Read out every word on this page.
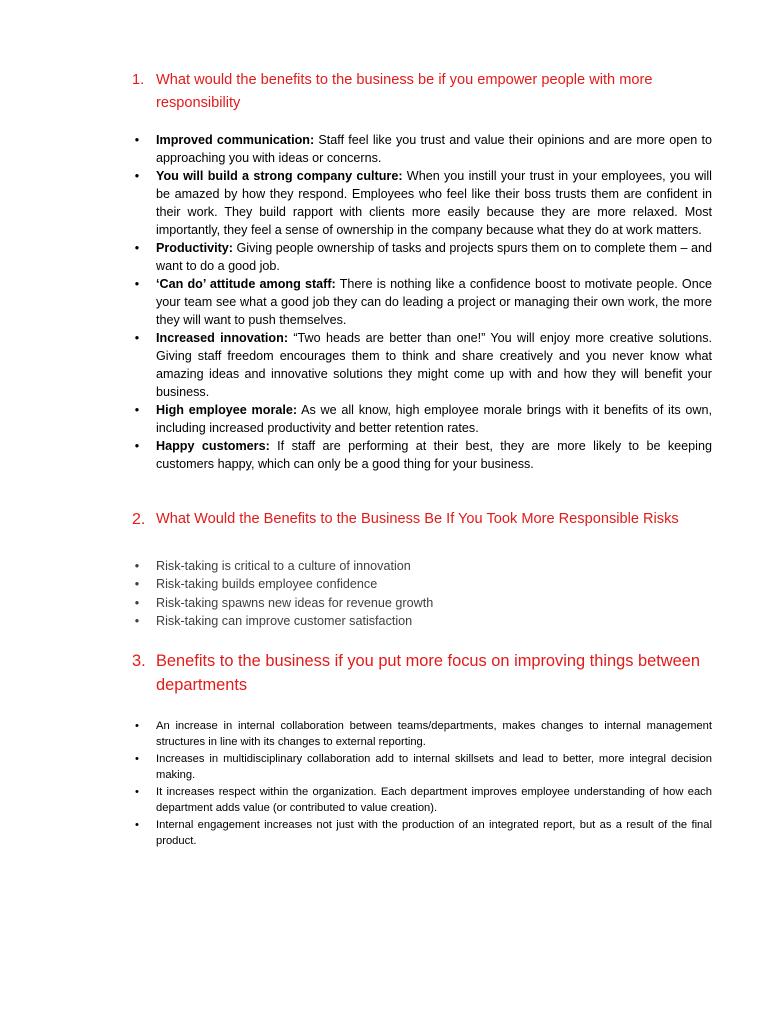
1. What would the benefits to the business be if you empower people with more responsibility
• Improved communication: Staff feel like you trust and value their opinions and are more open to approaching you with ideas or concerns.
• You will build a strong company culture: When you instill your trust in your employees, you will be amazed by how they respond. Employees who feel like their boss trusts them are confident in their work. They build rapport with clients more easily because they are more relaxed. Most importantly, they feel a sense of ownership in the company because what they do at work matters.
• Productivity: Giving people ownership of tasks and projects spurs them on to complete them – and want to do a good job.
• ‘Can do’ attitude among staff: There is nothing like a confidence boost to motivate people. Once your team see what a good job they can do leading a project or managing their own work, the more they will want to push themselves.
• Increased innovation: “Two heads are better than one!” You will enjoy more creative solutions. Giving staff freedom encourages them to think and share creatively and you never know what amazing ideas and innovative solutions they might come up with and how they will benefit your business.
• High employee morale: As we all know, high employee morale brings with it benefits of its own, including increased productivity and better retention rates.
• Happy customers: If staff are performing at their best, they are more likely to be keeping customers happy, which can only be a good thing for your business.
2. What Would the Benefits to the Business Be If You Took More Responsible Risks
• Risk-taking is critical to a culture of innovation
• Risk-taking builds employee confidence
• Risk-taking spawns new ideas for revenue growth
• Risk-taking can improve customer satisfaction
3. Benefits to the business if you put more focus on improving things between departments
• An increase in internal collaboration between teams/departments, makes changes to internal management structures in line with its changes to external reporting.
• Increases in multidisciplinary collaboration add to internal skillsets and lead to better, more integral decision making.
• It increases respect within the organization. Each department improves employee understanding of how each department adds value (or contributed to value creation).
• Internal engagement increases not just with the production of an integrated report, but as a result of the final product.
